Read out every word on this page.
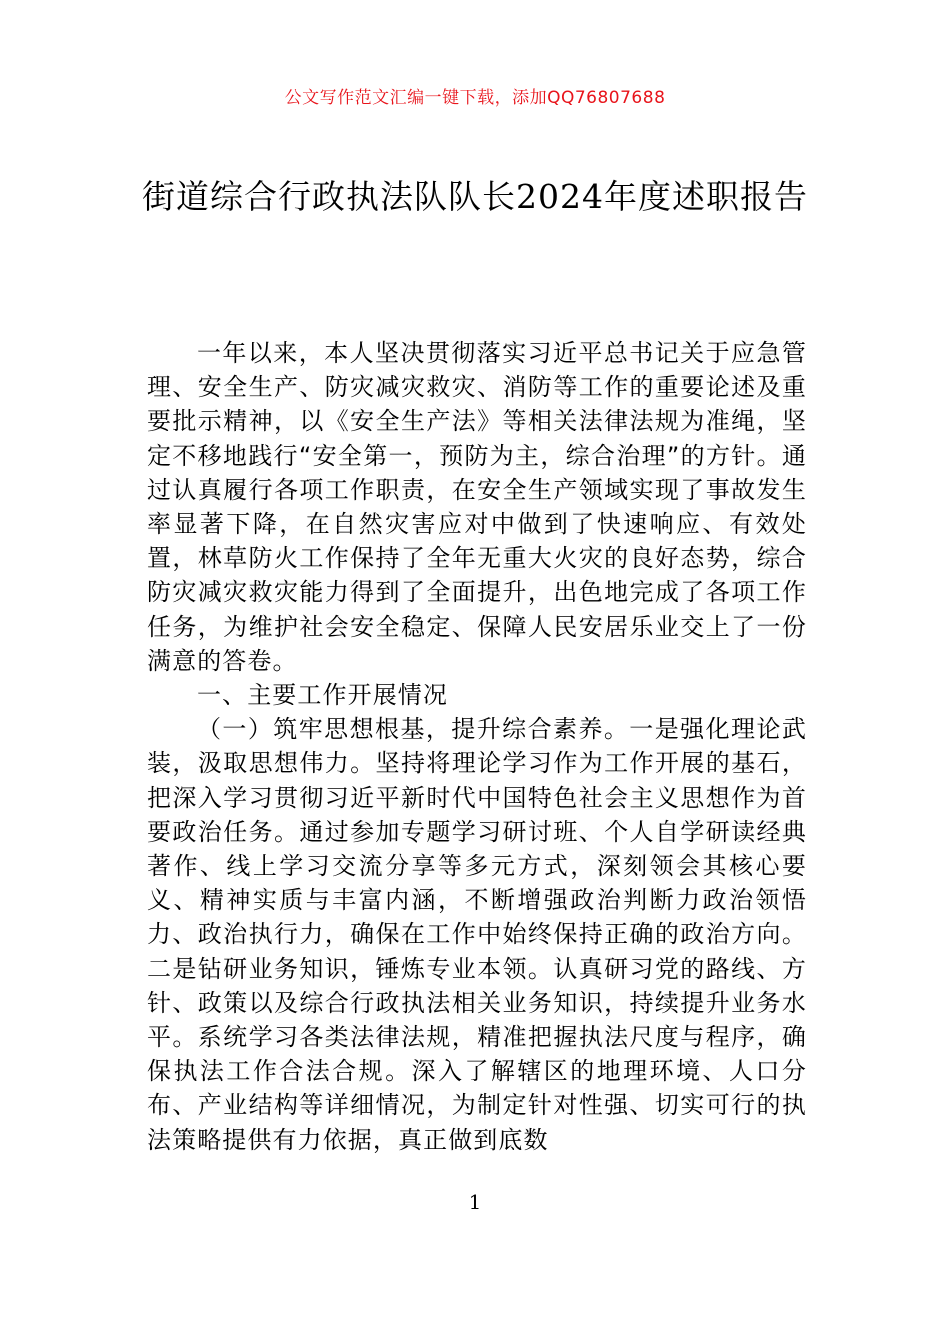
公文写作范文汇编一键下载，添加QQ76807688
街道综合行政执法队队长2024年度述职报告

一年以来，本人坚决贯彻落实习近平总书记关于应急管理、安全生产、防灾减灾救灾、消防等工作的重要论述及重要批示精神，以《安全生产法》等相关法律法规为准绳，坚定不移地践行“安全第一，预防为主，综合治理”的方针。通过认真履行各项工作职责，在安全生产领域实现了事故发生率显著下降，在自然灾害应对中做到了快速响应、有效处置，林草防火工作保持了全年无重大火灾的良好态势，综合防灾减灾救灾能力得到了全面提升，出色地完成了各项工作任务，为维护社会安全稳定、保障人民安居乐业交上了一份满意的答卷。

一、主要工作开展情况

（一）筑牢思想根基，提升综合素养。一是强化理论武装，汲取思想伟力。坚持将理论学习作为工作开展的基石，把深入学习贯彻习近平新时代中国特色社会主义思想作为首要政治任务。通过参加专题学习研讨班、个人自学研读经典著作、线上学习交流分享等多元方式，深刻领会其核心要义、精神实质与丰富内涵，不断增强政治判断力政治领悟力、政治执行力，确保在工作中始终保持正确的政治方向。二是钻研业务知识，锤炼专业本领。认真研习党的路线、方针、政策以及综合行政执法相关业务知识，持续提升业务水平。系统学习各类法律法规，精准把握执法尺度与程序，确保执法工作合法合规。深入了解辖区的地理环境、人口分布、产业结构等详细情况，为制定针对性强、切实可行的执法策略提供有力依据，真正做到底数

1
